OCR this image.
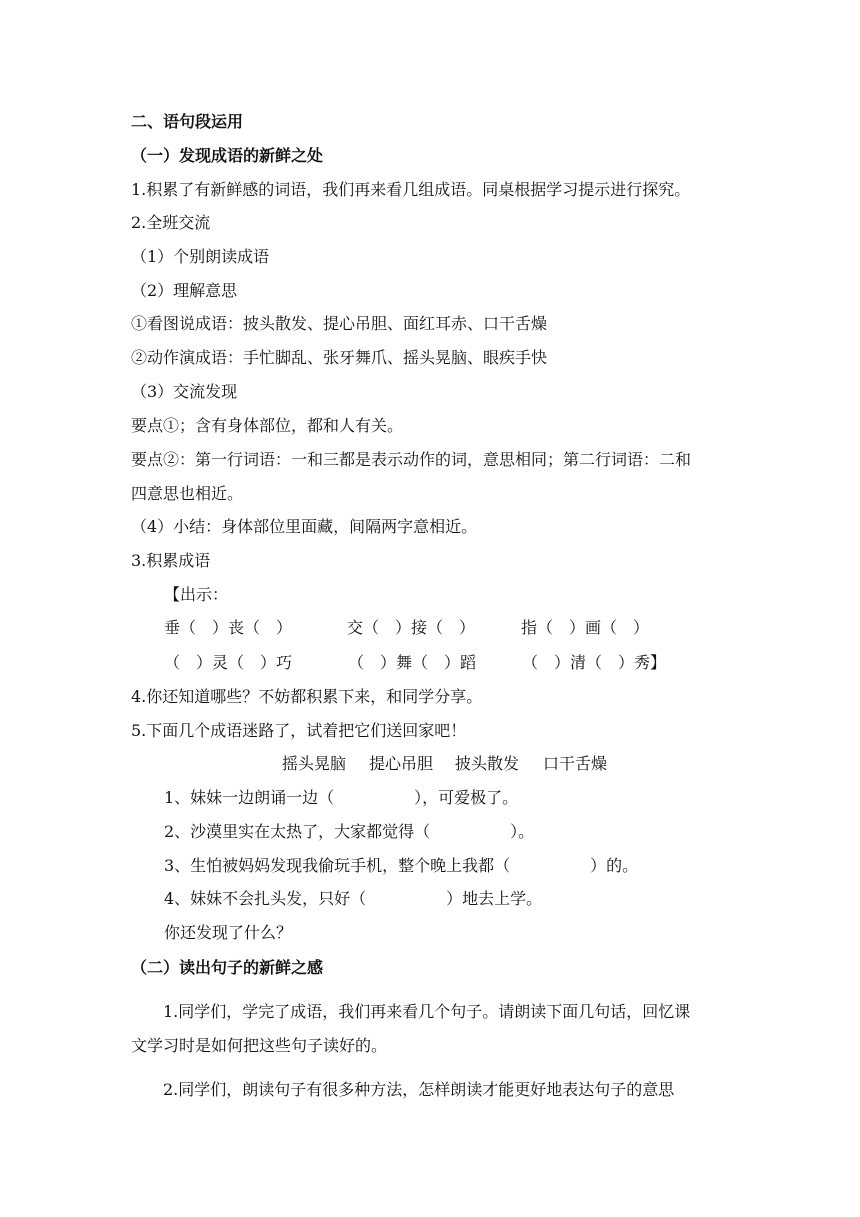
二、语句段运用
（一）发现成语的新鲜之处
1.积累了有新鲜感的词语，我们再来看几组成语。同桌根据学习提示进行探究。
2.全班交流
（1）个别朗读成语
（2）理解意思
①看图说成语：披头散发、提心吊胆、面红耳赤、口干舌燥
②动作演成语：手忙脚乱、张牙舞爪、摇头晃脑、眼疾手快
（3）交流发现
要点①；含有身体部位，都和人有关。
要点②：第一行词语：一和三都是表示动作的词，意思相同；第二行词语：二和
四意思也相近。
（4）小结：身体部位里面藏，间隔两字意相近。
3.积累成语
【出示：
垂（　）丧（　）	交（　）接（　）	指（　）画（　）
（　）灵（　）巧	（　）舞（　）蹈	（　）清（　）秀】
4.你还知道哪些？不妨都积累下来，和同学分享。
5.下面几个成语迷路了，试着把它们送回家吧！
摇头晃脑 提心吊胆 披头散发 口干舌燥
1、妹妹一边朗诵一边（　　　　　），可爱极了。
2、沙漠里实在太热了，大家都觉得（　　　　　）。
3、生怕被妈妈发现我偷玩手机，整个晚上我都（　　　　　）的。
4、妹妹不会扎头发，只好（　　　　　）地去上学。
你还发现了什么？
（二）读出句子的新鲜之感
　　1.同学们，学完了成语，我们再来看几个句子。请朗读下面几句话，回忆课
文学习时是如何把这些句子读好的。
　　2.同学们，朗读句子有很多种方法，怎样朗读才能更好地表达句子的意思
